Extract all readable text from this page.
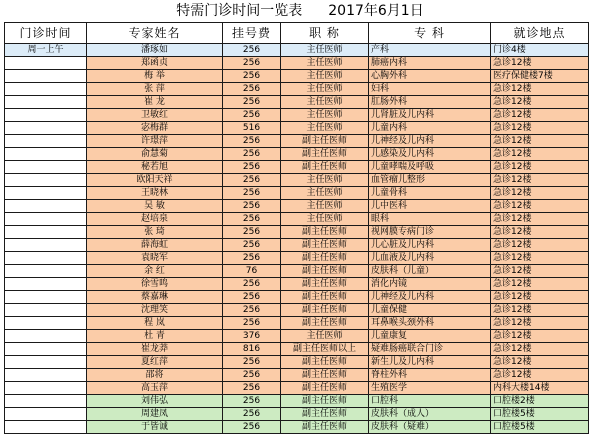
特需门诊时间一览表 2017年6月1日
门诊时间	专家姓名	挂号费	职 称	专 科	就诊地点
周一上午	潘琢如	256	主任医师	产科	门诊4楼
	郑函贞	256	主任医师	肺癌内科	急诊12楼
	梅 举	256	主任医师	心胸外科	医疗保健楼7楼
	张 萍	256	主任医师	妇科	急诊12楼
	崔 龙	256	主任医师	肛肠外科	急诊12楼
	卫敏红	256	主任医师	儿肾脏及儿内科	急诊12楼
	宓梅群	516	主任医师	儿童内科	急诊12楼
	许璟萍	256	副主任医师	儿神经及儿内科	急诊12楼
	俞慧菊	256	副主任医师	儿感染及儿内科	急诊12楼
	秘若旭	256	副主任医师	儿童哮喘及呼吸	急诊12楼
	欧阳天祥	256	主任医师	血管瘤儿整形	急诊12楼
	王晓林	256	主任医师	儿童骨科	急诊12楼
	吴 敏	256	主任医师	儿中医科	急诊12楼
	赵培泉	256	主任医师	眼科	急诊12楼
	张 琦	256	副主任医师	视网膜专病门诊	急诊12楼
	薛海虹	256	副主任医师	儿心脏及儿内科	急诊12楼
	袁晓军	256	副主任医师	儿血液及儿内科	急诊12楼
	余 红	76	副主任医师	皮肤科（儿童）	急诊12楼
	徐雪鸣	256	副主任医师	消化内镜	急诊12楼
	蔡嘉琳	256	副主任医师	儿神经及儿内科	急诊12楼
	沈理笑	256	副主任医师	儿童保健	急诊12楼
	程 岚	256	副主任医师	耳鼻喉头颈外科	急诊12楼
	杜 青	376	主任医师	儿童康复	急诊12楼
	崔龙莽	816	副主任医师以上	疑难肠癌联合门诊	急诊12楼
	夏红萍	256	副主任医师	新生儿及儿内科	急诊12楼
	邵将	256	副主任医师	脊柱外科	急诊12楼
	高玉萍	256	副主任医师	生殖医学	内科大楼14楼
	刘伟弘	256	副主任医师	口腔科	口腔楼2楼
	周建凤	256	副主任医师	皮肤科（成人）	口腔楼5楼
	于皆诚	256	副主任医师	皮肤科（疑难）	口腔楼5楼
